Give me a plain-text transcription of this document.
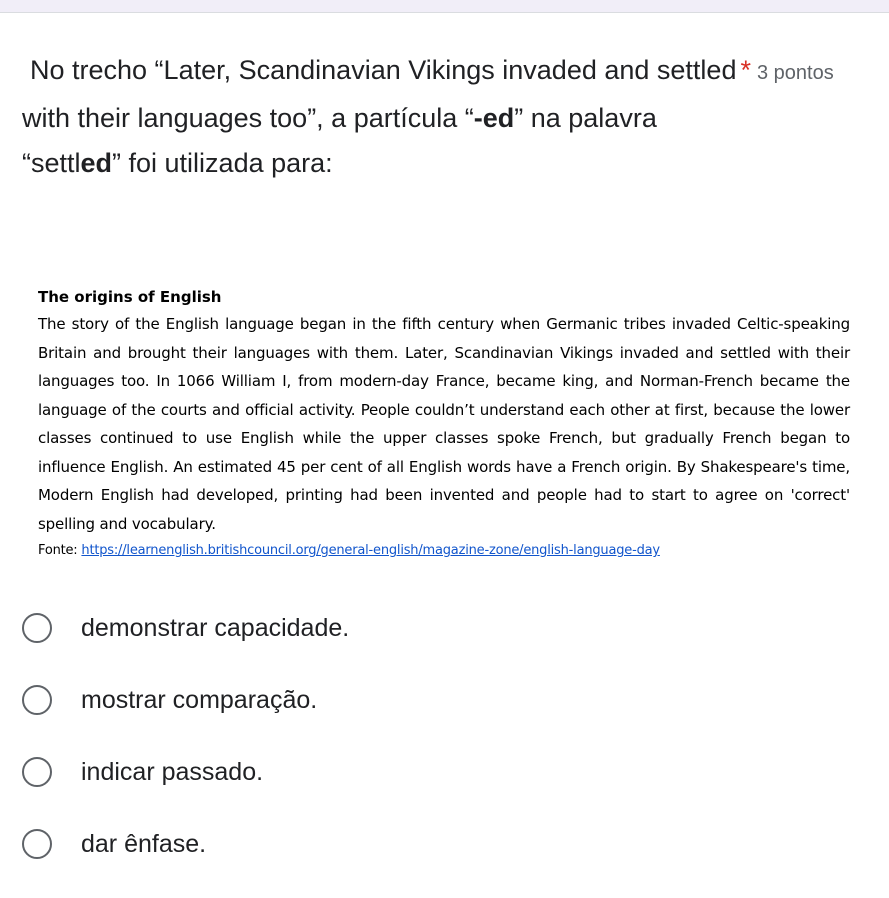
No trecho “Later, Scandinavian Vikings invaded and settled * 3 pontos
with their languages too”, a partícula “-ed” na palavra
“settled” foi utilizada para:
The origins of English
The story of the English language began in the fifth century when Germanic tribes invaded Celtic-speaking Britain and brought their languages with them. Later, Scandinavian Vikings invaded and settled with their languages too. In 1066 William I, from modern-day France, became king, and Norman-French became the language of the courts and official activity. People couldn’t understand each other at first, because the lower classes continued to use English while the upper classes spoke French, but gradually French began to influence English. An estimated 45 per cent of all English words have a French origin. By Shakespeare's time, Modern English had developed, printing had been invented and people had to start to agree on 'correct' spelling and vocabulary.
Fonte: https://learnenglish.britishcouncil.org/general-english/magazine-zone/english-language-day
demonstrar capacidade.
mostrar comparação.
indicar passado.
dar ênfase.
